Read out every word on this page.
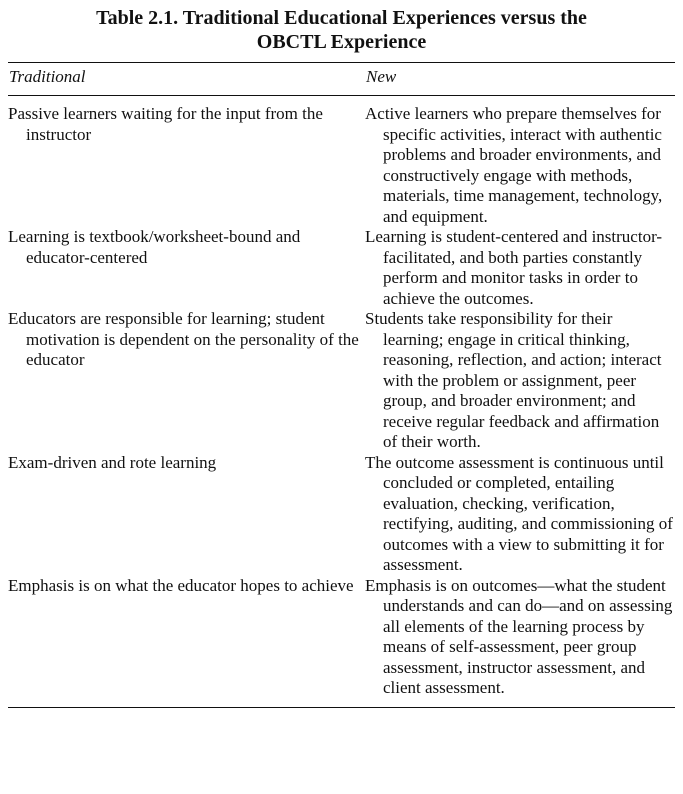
Table 2.1. Traditional Educational Experiences versus the
OBCTL Experience

Traditional	New
Passive learners waiting for the input from the instructor
Active learners who prepare themselves for specific activities, interact with authentic problems and broader environments, and constructively engage with methods, materials, time management, technology, and equipment.
Learning is textbook/worksheet-bound and educator-centered
Learning is student-centered and instructor-facilitated, and both parties constantly perform and monitor tasks in order to achieve the outcomes.
Educators are responsible for learning; student motivation is dependent on the personality of the educator
Students take responsibility for their learning; engage in critical thinking, reasoning, reflection, and action; interact with the problem or assignment, peer group, and broader environment; and receive regular feedback and affirmation of their worth.
Exam-driven and rote learning	The outcome assessment is continuous until concluded or completed, entailing evaluation, checking, verification, rectifying, auditing, and commissioning of outcomes with a view to submitting it for assessment.
Emphasis is on what the educator hopes to achieve Emphasis is on outcomes—what the student understands and can do—and on assessing all elements of the learning process by means of self-assessment, peer group assessment, instructor assessment, and client assessment.
